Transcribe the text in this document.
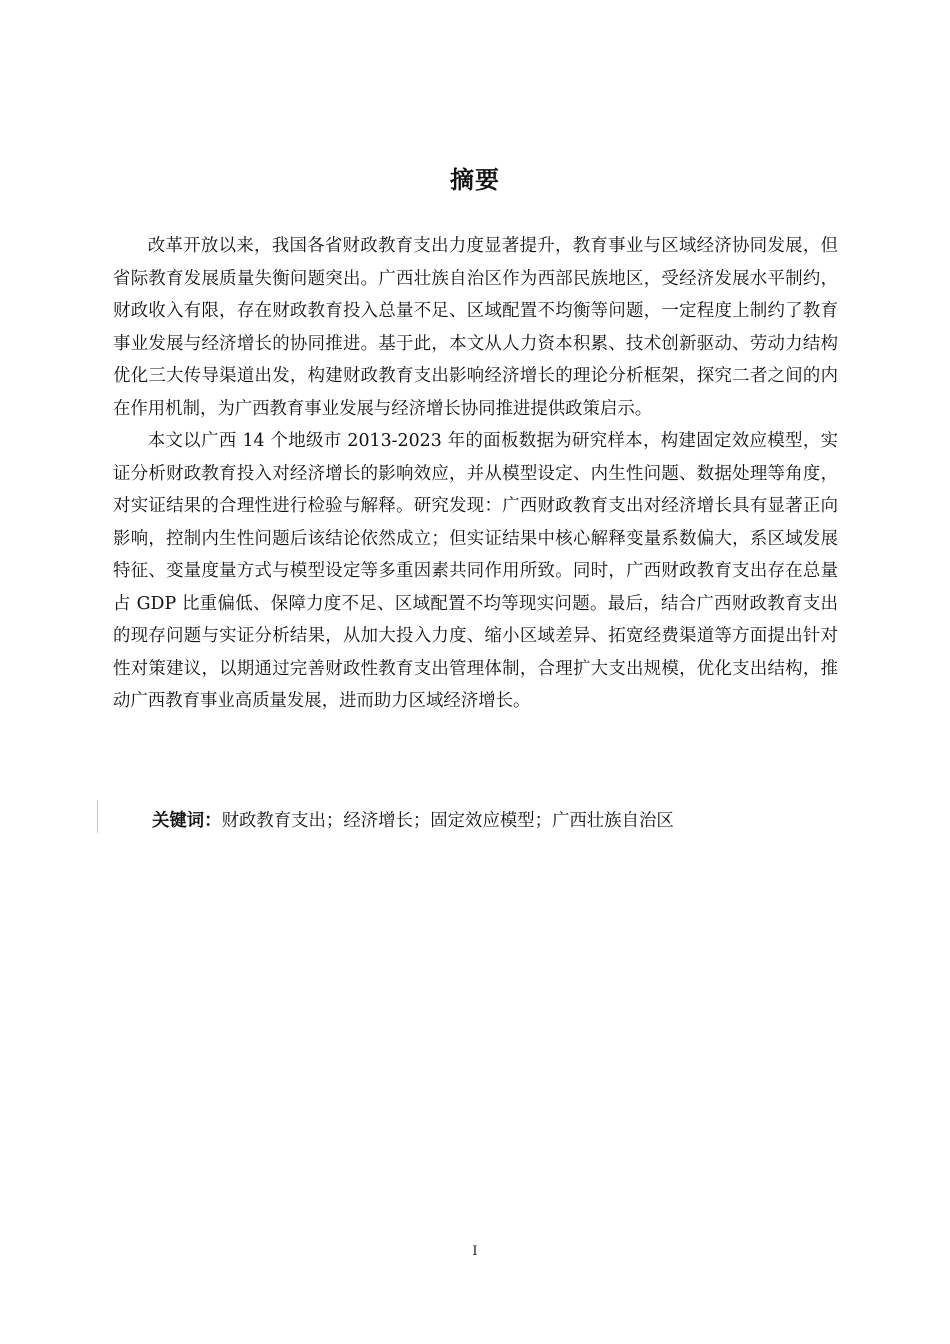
摘要

改革开放以来，我国各省财政教育支出力度显著提升，教育事业与区域经济协同发展，但省际教育发展质量失衡问题突出。广西壮族自治区作为西部民族地区，受经济发展水平制约，财政收入有限，存在财政教育投入总量不足、区域配置不均衡等问题，一定程度上制约了教育事业发展与经济增长的协同推进。基于此，本文从人力资本积累、技术创新驱动、劳动力结构优化三大传导渠道出发，构建财政教育支出影响经济增长的理论分析框架，探究二者之间的内在作用机制，为广西教育事业发展与经济增长协同推进提供政策启示。

本文以广西 14 个地级市 2013-2023 年的面板数据为研究样本，构建固定效应模型，实证分析财政教育投入对经济增长的影响效应，并从模型设定、内生性问题、数据处理等角度，对实证结果的合理性进行检验与解释。研究发现：广西财政教育支出对经济增长具有显著正向影响，控制内生性问题后该结论依然成立；但实证结果中核心解释变量系数偏大，系区域发展特征、变量度量方式与模型设定等多重因素共同作用所致。同时，广西财政教育支出存在总量占 GDP 比重偏低、保障力度不足、区域配置不均等现实问题。最后，结合广西财政教育支出的现存问题与实证分析结果，从加大投入力度、缩小区域差异、拓宽经费渠道等方面提出针对性对策建议，以期通过完善财政性教育支出管理体制，合理扩大支出规模，优化支出结构，推动广西教育事业高质量发展，进而助力区域经济增长。

关键词：财政教育支出；经济增长；固定效应模型；广西壮族自治区
I
